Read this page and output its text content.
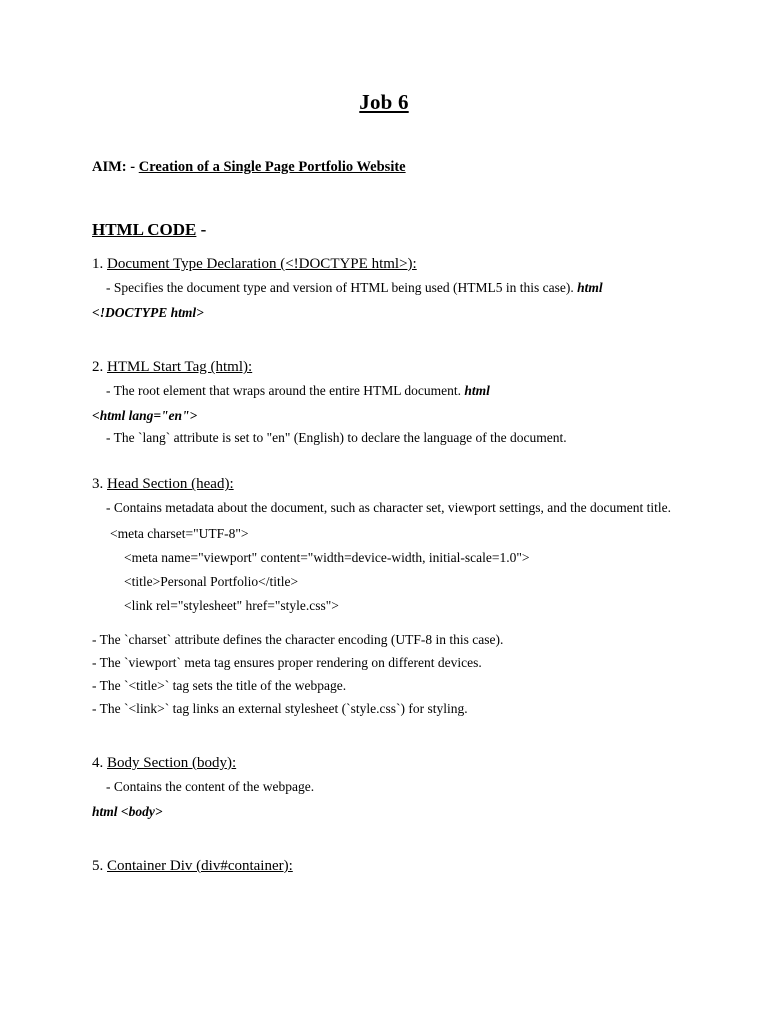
Job 6
AIM: - Creation of a Single Page Portfolio Website
HTML CODE -
1. Document Type Declaration (<!DOCTYPE html>):
- Specifies the document type and version of HTML being used (HTML5 in this case). html
<!DOCTYPE html>
2. HTML Start Tag (html):
- The root element that wraps around the entire HTML document. html
<html lang="en">
- The `lang` attribute is set to "en" (English) to declare the language of the document.
3. Head Section (head):
- Contains metadata about the document, such as character set, viewport settings, and the document title.
<meta charset="UTF-8">
<meta name="viewport" content="width=device-width, initial-scale=1.0">
<title>Personal Portfolio</title>
<link rel="stylesheet" href="style.css">
- The `charset` attribute defines the character encoding (UTF-8 in this case).
- The `viewport` meta tag ensures proper rendering on different devices.
- The `<title>` tag sets the title of the webpage.
- The `<link>` tag links an external stylesheet (`style.css`) for styling.
4. Body Section (body):
- Contains the content of the webpage.
html <body>
5. Container Div (div#container):
